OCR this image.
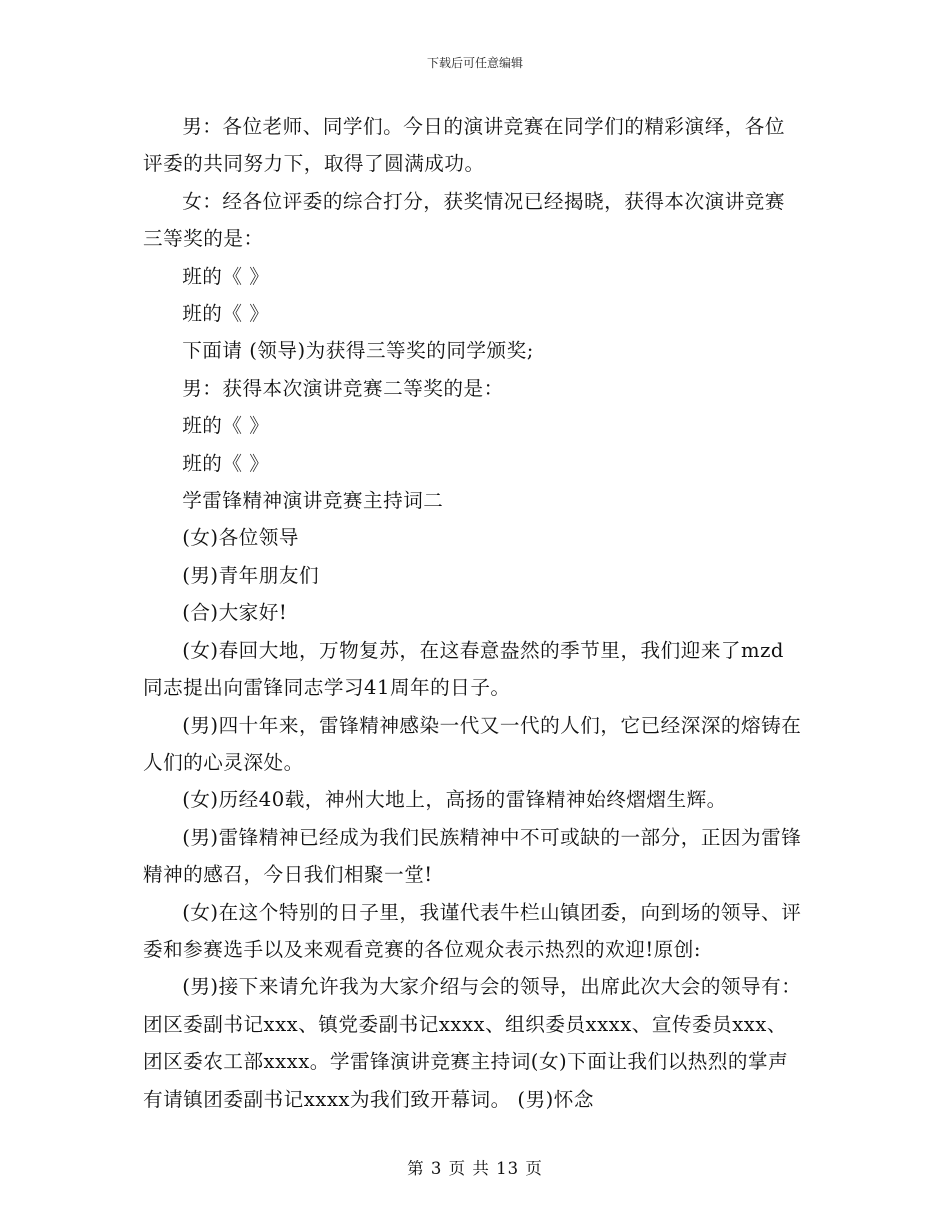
下载后可任意编辑

男：各位老师、同学们。今日的演讲竞赛在同学们的精彩演绎，各位评委的共同努力下，取得了圆满成功。

女：经各位评委的综合打分，获奖情况已经揭晓，获得本次演讲竞赛三等奖的是：

班的《 》

班的《 》

下面请 (领导)为获得三等奖的同学颁奖;

男：获得本次演讲竞赛二等奖的是：

班的《 》

班的《 》

学雷锋精神演讲竞赛主持词二

(女)各位领导

(男)青年朋友们

(合)大家好!

(女)春回大地，万物复苏，在这春意盎然的季节里，我们迎来了mzd同志提出向雷锋同志学习41周年的日子。

(男)四十年来，雷锋精神感染一代又一代的人们，它已经深深的熔铸在人们的心灵深处。

(女)历经40载，神州大地上，高扬的雷锋精神始终熠熠生辉。

(男)雷锋精神已经成为我们民族精神中不可或缺的一部分，正因为雷锋精神的感召，今日我们相聚一堂!

(女)在这个特别的日子里，我谨代表牛栏山镇团委，向到场的领导、评委和参赛选手以及来观看竞赛的各位观众表示热烈的欢迎!原创:

(男)接下来请允许我为大家介绍与会的领导，出席此次大会的领导有：团区委副书记xxx、镇党委副书记xxxx、组织委员xxxx、宣传委员xxx、团区委农工部xxxx。学雷锋演讲竞赛主持词(女)下面让我们以热烈的掌声有请镇团委副书记xxxx为我们致开幕词。 (男)怀念

第 3 页 共 13 页
